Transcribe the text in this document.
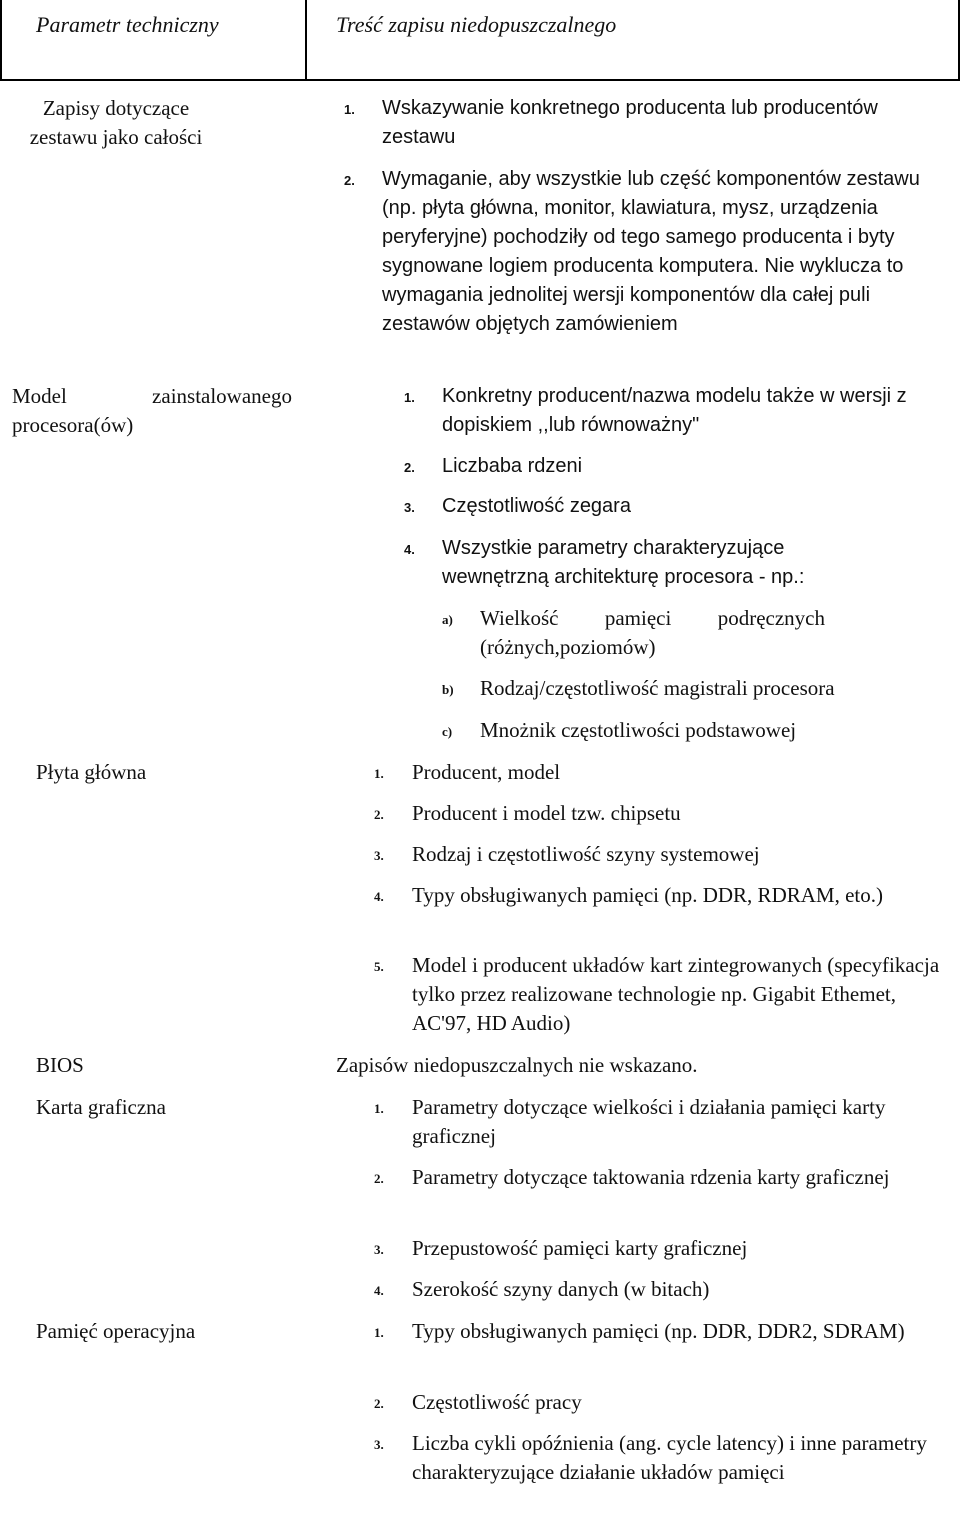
Parametr techniczny	Treść zapisu niedopuszczalnego
Zapisy dotyczące zestawu jako całości
1. Wskazywanie konkretnego producenta lub producentów zestawu
2. Wymaganie, aby wszystkie lub część komponentów zestawu (np. płyta główna, monitor, klawiatura, mysz, urządzenia peryferyjne) pochodziły od tego samego producenta i byty sygnowane logiem producenta komputera. Nie wyklucza to wymagania jednolitej wersji komponentów dla całej puli zestawów objętych zamówieniem
Model zainstalowanego procesora(ów)
1. Konkretny producent/nazwa modelu także w wersji z dopiskiem ,,lub równoważny"
2. Liczbaba rdzeni
3. Częstotliwość zegara
4. Wszystkie parametry charakteryzujące wewnętrzną architekturę procesora - np.:
a) Wielkość pamięci podręcznych (różnych,poziomów)
b) Rodzaj/częstotliwość magistrali procesora
c) Mnożnik częstotliwości podstawowej
Płyta główna	1. Producent, model
2. Producent i model tzw. chipsetu
3. Rodzaj i częstotliwość szyny systemowej
4. Typy obsługiwanych pamięci (np. DDR, RDRAM, eto.)
5. Model i producent układów kart zintegrowanych (specyfikacja tylko przez realizowane technologie np. Gigabit Ethemet, AC'97, HD Audio)
BIOS	Zapisów niedopuszczalnych nie wskazano.
Karta graficzna	1. Parametry dotyczące wielkości i działania pamięci karty graficznej
2. Parametry dotyczące taktowania rdzenia karty graficznej
3. Przepustowość pamięci karty graficznej
4. Szerokość szyny danych (w bitach)
Pamięć operacyjna	1. Typy obsługiwanych pamięci (np. DDR, DDR2, SDRAM)
2. Częstotliwość pracy
3. Liczba cykli opóźnienia (ang. cycle latency) i inne parametry charakteryzujące działanie układów pamięci
